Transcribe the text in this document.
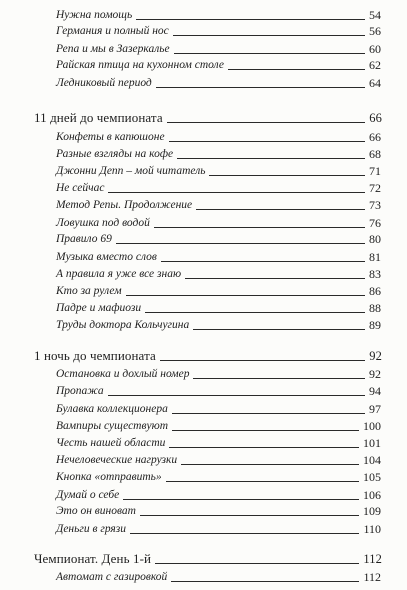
Нужна помощь	54
Германия и полный нос	56
Репа и мы в Зазеркалье	60
Райская птица на кухонном столе	62
Ледниковый период	64
11 дней до чемпионата	66
Конфеты в капюшоне	66
Разные взгляды на кофе	68
Джонни Депп – мой читатель	71
Не сейчас	72
Метод Репы. Продолжение	73
Ловушка под водой	76
Правило 69	80
Музыка вместо слов	81
А правила я уже все знаю	83
Кто за рулем	86
Падре и мафиози	88
Труды доктора Кольчугина	89
1 ночь до чемпионата	92
Остановка и дохлый номер	92
Пропажа	94
Булавка коллекционера	97
Вампиры существуют	100
Честь нашей области	101
Нечеловеческие нагрузки	104
Кнопка «отправить»	105
Думай о себе	106
Это он виноват	109
Деньги в грязи	110
Чемпионат. День 1-й	112
Автомат с газировкой	112
